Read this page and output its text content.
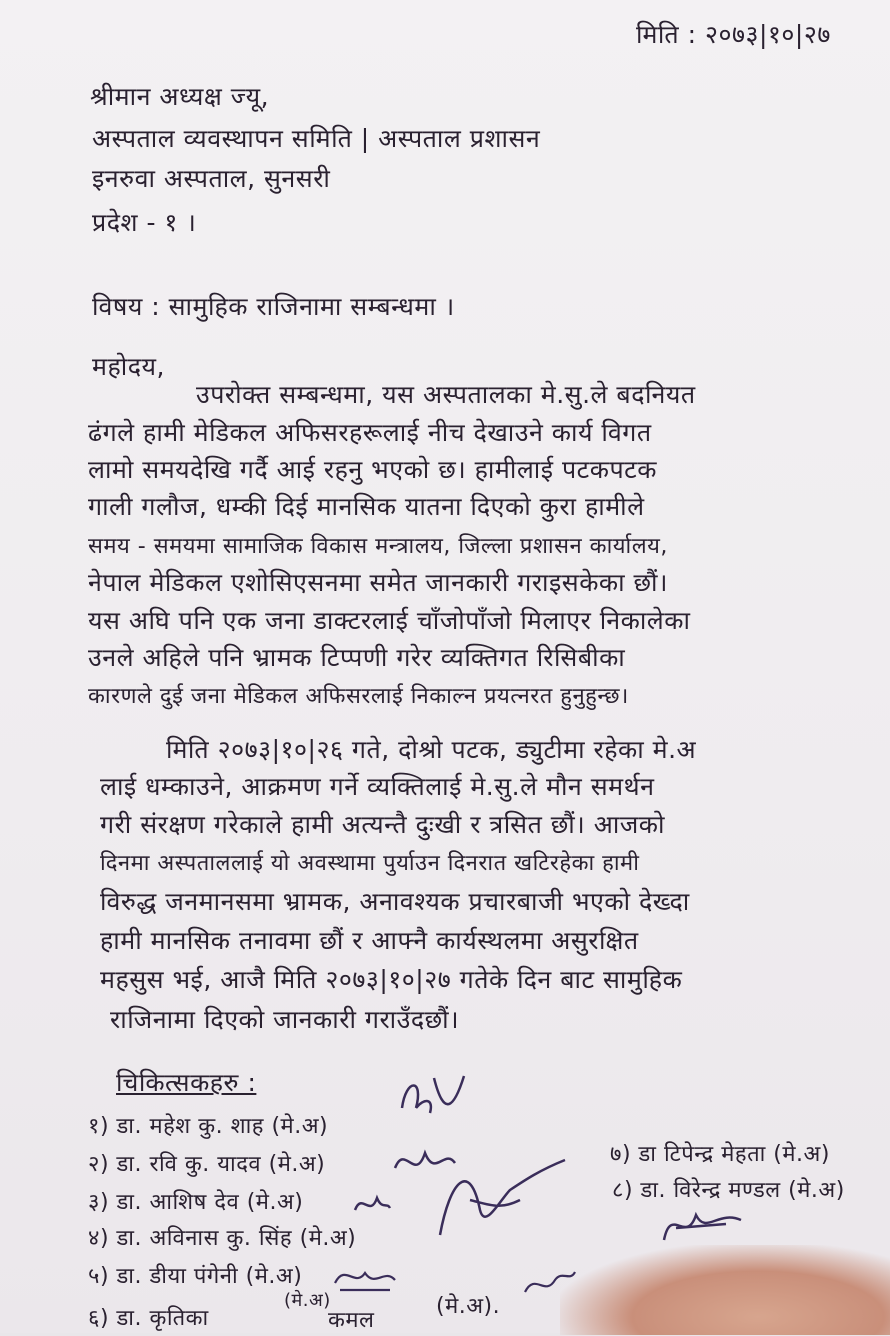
मिति : २०७३|१०|२७
श्रीमान अध्यक्ष ज्यू,
अस्पताल व्यवस्थापन समिति | अस्पताल प्रशासन
इनरुवा अस्पताल, सुनसरी
प्रदेश - १ ।
विषय : सामुहिक राजिनामा सम्बन्धमा ।
महोदय,
उपरोक्त सम्बन्धमा, यस अस्पतालका मे.सु.ले बदनियत
ढंगले हामी मेडिकल अफिसरहरूलाई नीच देखाउने कार्य विगत
लामो समयदेखि गर्दै आई रहनु भएको छ। हामीलाई पटकपटक
गाली गलौज, धम्की दिई मानसिक यातना दिएको कुरा हामीले
समय - समयमा सामाजिक विकास मन्त्रालय, जिल्ला प्रशासन कार्यालय,
नेपाल मेडिकल एशोसिएसनमा समेत जानकारी गराइसकेका छौं।
यस अघि पनि एक जना डाक्टरलाई चाँजोपाँजो मिलाएर निकालेका
उनले अहिले पनि भ्रामक टिप्पणी गरेर व्यक्तिगत रिसिबीका
कारणले दुई जना मेडिकल अफिसरलाई निकाल्न प्रयत्नरत हुनुहुन्छ।
मिति २०७३|१०|२६ गते, दोश्रो पटक, ड्युटीमा रहेका मे.अ
लाई धम्काउने, आक्रमण गर्ने व्यक्तिलाई मे.सु.ले मौन समर्थन
गरी संरक्षण गरेकाले हामी अत्यन्तै दुःखी र त्रसित छौं। आजको
दिनमा अस्पताललाई यो अवस्थामा पुर्याउन दिनरात खटिरहेका हामी
विरुद्ध जनमानसमा भ्रामक, अनावश्यक प्रचारबाजी भएको देख्दा
हामी मानसिक तनावमा छौं र आफ्नै कार्यस्थलमा असुरक्षित
महसुस भई, आजै मिति २०७३|१०|२७ गतेके दिन बाट सामुहिक
राजिनामा दिएको जानकारी गराउँदछौं।
चिकित्सकहरु :
१) डा. महेश कु. शाह (मे.अ)
२) डा. रवि कु. यादव (मे.अ)
३) डा. आशिष देव (मे.अ)
४) डा. अविनास कु. सिंह (मे.अ)
५) डा. डीया पंगेनी (मे.अ)
६) डा. कृतिका
७) डा टिपेन्द्र मेहता (मे.अ)
८) डा. विरेन्द्र मण्डल (मे.अ)
(मे.अ)
कमल
(मे.अ).
